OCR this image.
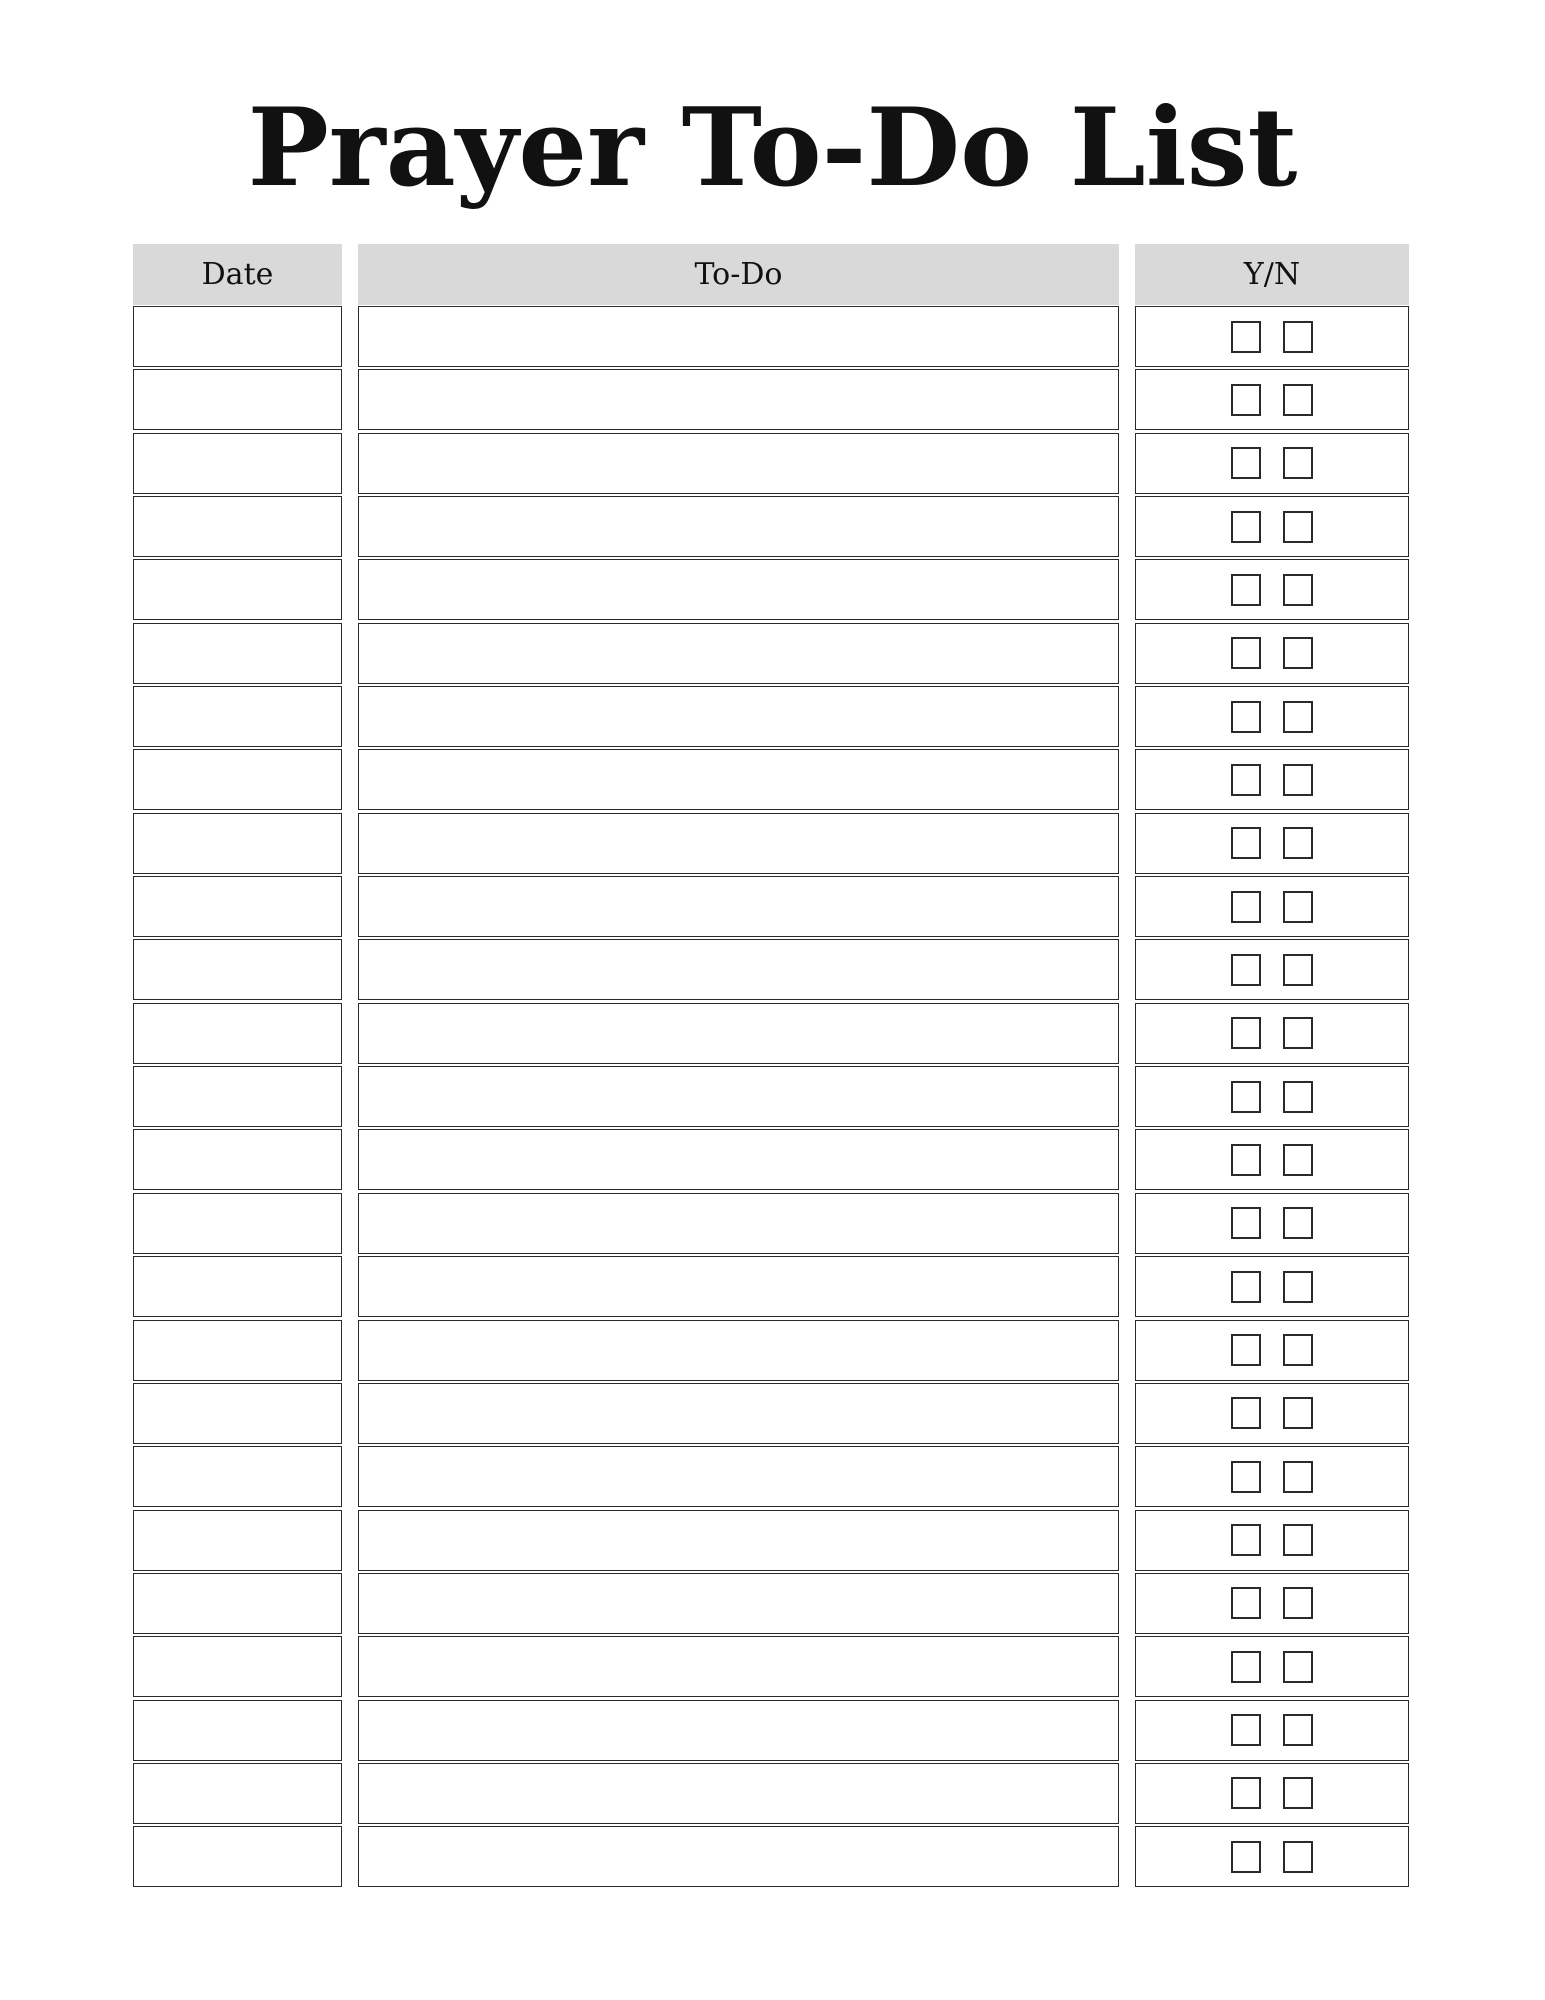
Prayer To-Do List
Date	To-Do	Y/N
